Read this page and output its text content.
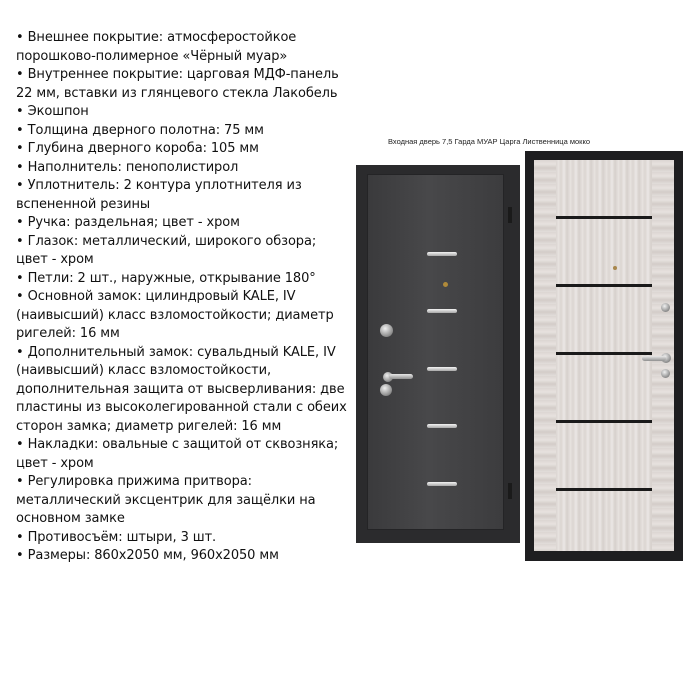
• Внешнее покрытие: атмосферостойкое порошково-полимерное «Чёрный муар»
• Внутреннее покрытие: царговая МДФ-панель 22 мм, вставки из глянцевого стекла Лакобель
• Экошпон
• Толщина дверного полотна: 75 мм
• Глубина дверного короба: 105 мм
• Наполнитель: пенополистирол
• Уплотнитель: 2 контура уплотнителя из вспененной резины
• Ручка: раздельная; цвет - хром
• Глазок: металлический, широкого обзора; цвет - хром
• Петли: 2 шт., наружные, открывание 180°
• Основной замок: цилиндровый KALE, IV (наивысший) класс взломостойкости; диаметр ригелей: 16 мм
• Дополнительный замок: сувальдный KALE, IV (наивысший) класс взломостойкости, дополнительная защита от высверливания: две пластины из высоколегированной стали с обеих сторон замка; диаметр ригелей: 16 мм
• Накладки: овальные с защитой от сквозняка; цвет - хром
• Регулировка прижима притвора: металлический эксцентрик для защёлки на основном замке
• Противосъём: штыри, 3 шт.
• Размеры: 860х2050 мм, 960х2050 мм
Входная дверь 7,5 Гарда МУАР Царга Лиственница мокко
